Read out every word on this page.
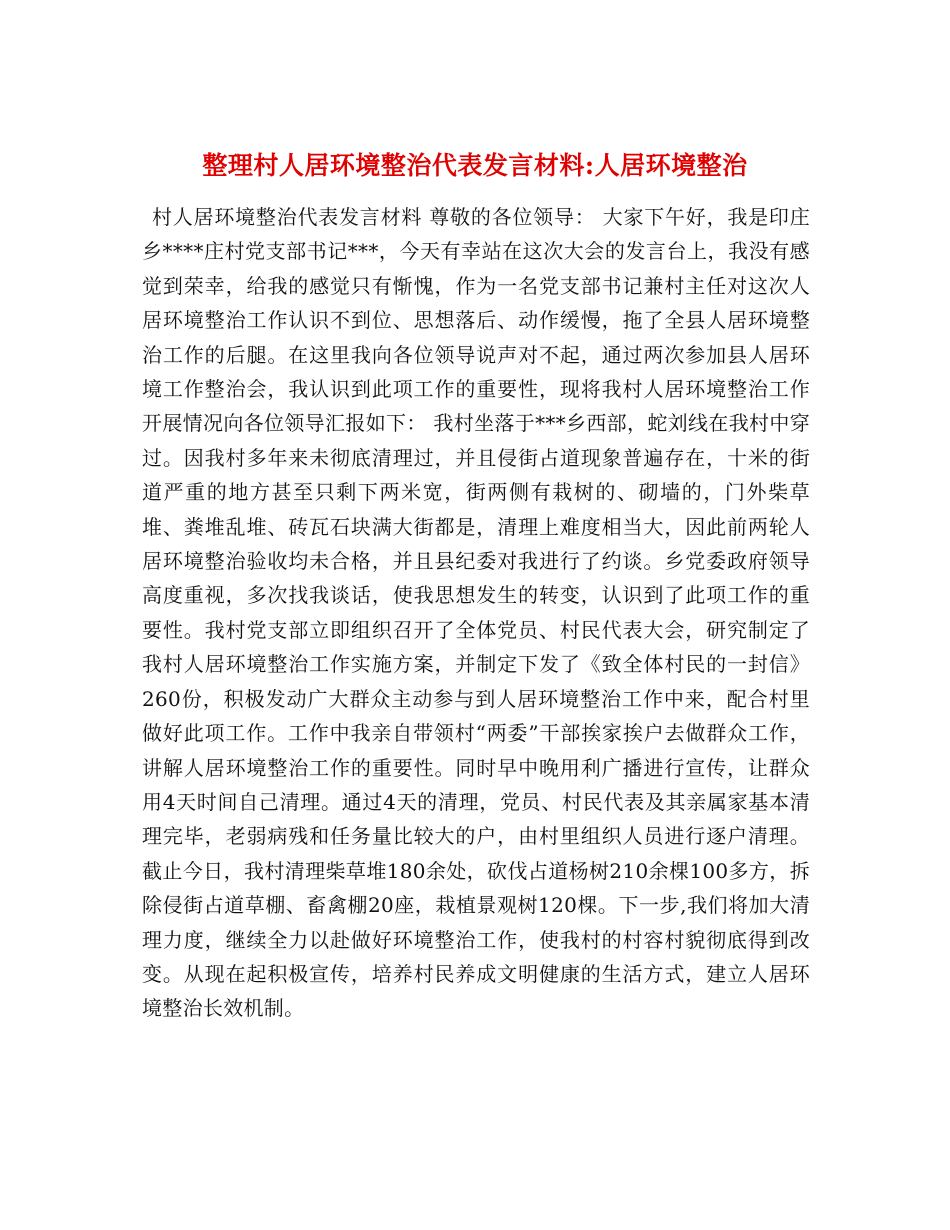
整理村人居环境整治代表发言材料:人居环境整治

村人居环境整治代表发言材料 尊敬的各位领导： 大家下午好，我是印庄乡****庄村党支部书记***，今天有幸站在这次大会的发言台上，我没有感觉到荣幸，给我的感觉只有惭愧，作为一名党支部书记兼村主任对这次人居环境整治工作认识不到位、思想落后、动作缓慢，拖了全县人居环境整治工作的后腿。在这里我向各位领导说声对不起，通过两次参加县人居环境工作整治会，我认识到此项工作的重要性，现将我村人居环境整治工作开展情况向各位领导汇报如下： 我村坐落于***乡西部，蛇刘线在我村中穿过。因我村多年来未彻底清理过，并且侵街占道现象普遍存在，十米的街道严重的地方甚至只剩下两米宽，街两侧有栽树的、砌墙的，门外柴草堆、粪堆乱堆、砖瓦石块满大街都是，清理上难度相当大，因此前两轮人居环境整治验收均未合格，并且县纪委对我进行了约谈。乡党委政府领导高度重视，多次找我谈话，使我思想发生的转变，认识到了此项工作的重要性。我村党支部立即组织召开了全体党员、村民代表大会，研究制定了我村人居环境整治工作实施方案，并制定下发了《致全体村民的一封信》260份，积极发动广大群众主动参与到人居环境整治工作中来，配合村里做好此项工作。工作中我亲自带领村“两委”干部挨家挨户去做群众工作，讲解人居环境整治工作的重要性。同时早中晚用利广播进行宣传，让群众用4天时间自己清理。通过4天的清理，党员、村民代表及其亲属家基本清理完毕，老弱病残和任务量比较大的户，由村里组织人员进行逐户清理。截止今日，我村清理柴草堆180余处，砍伐占道杨树210余棵100多方，拆除侵街占道草棚、畜禽棚20座，栽植景观树120棵。下一步,我们将加大清理力度，继续全力以赴做好环境整治工作，使我村的村容村貌彻底得到改变。从现在起积极宣传，培养村民养成文明健康的生活方式，建立人居环境整治长效机制。
